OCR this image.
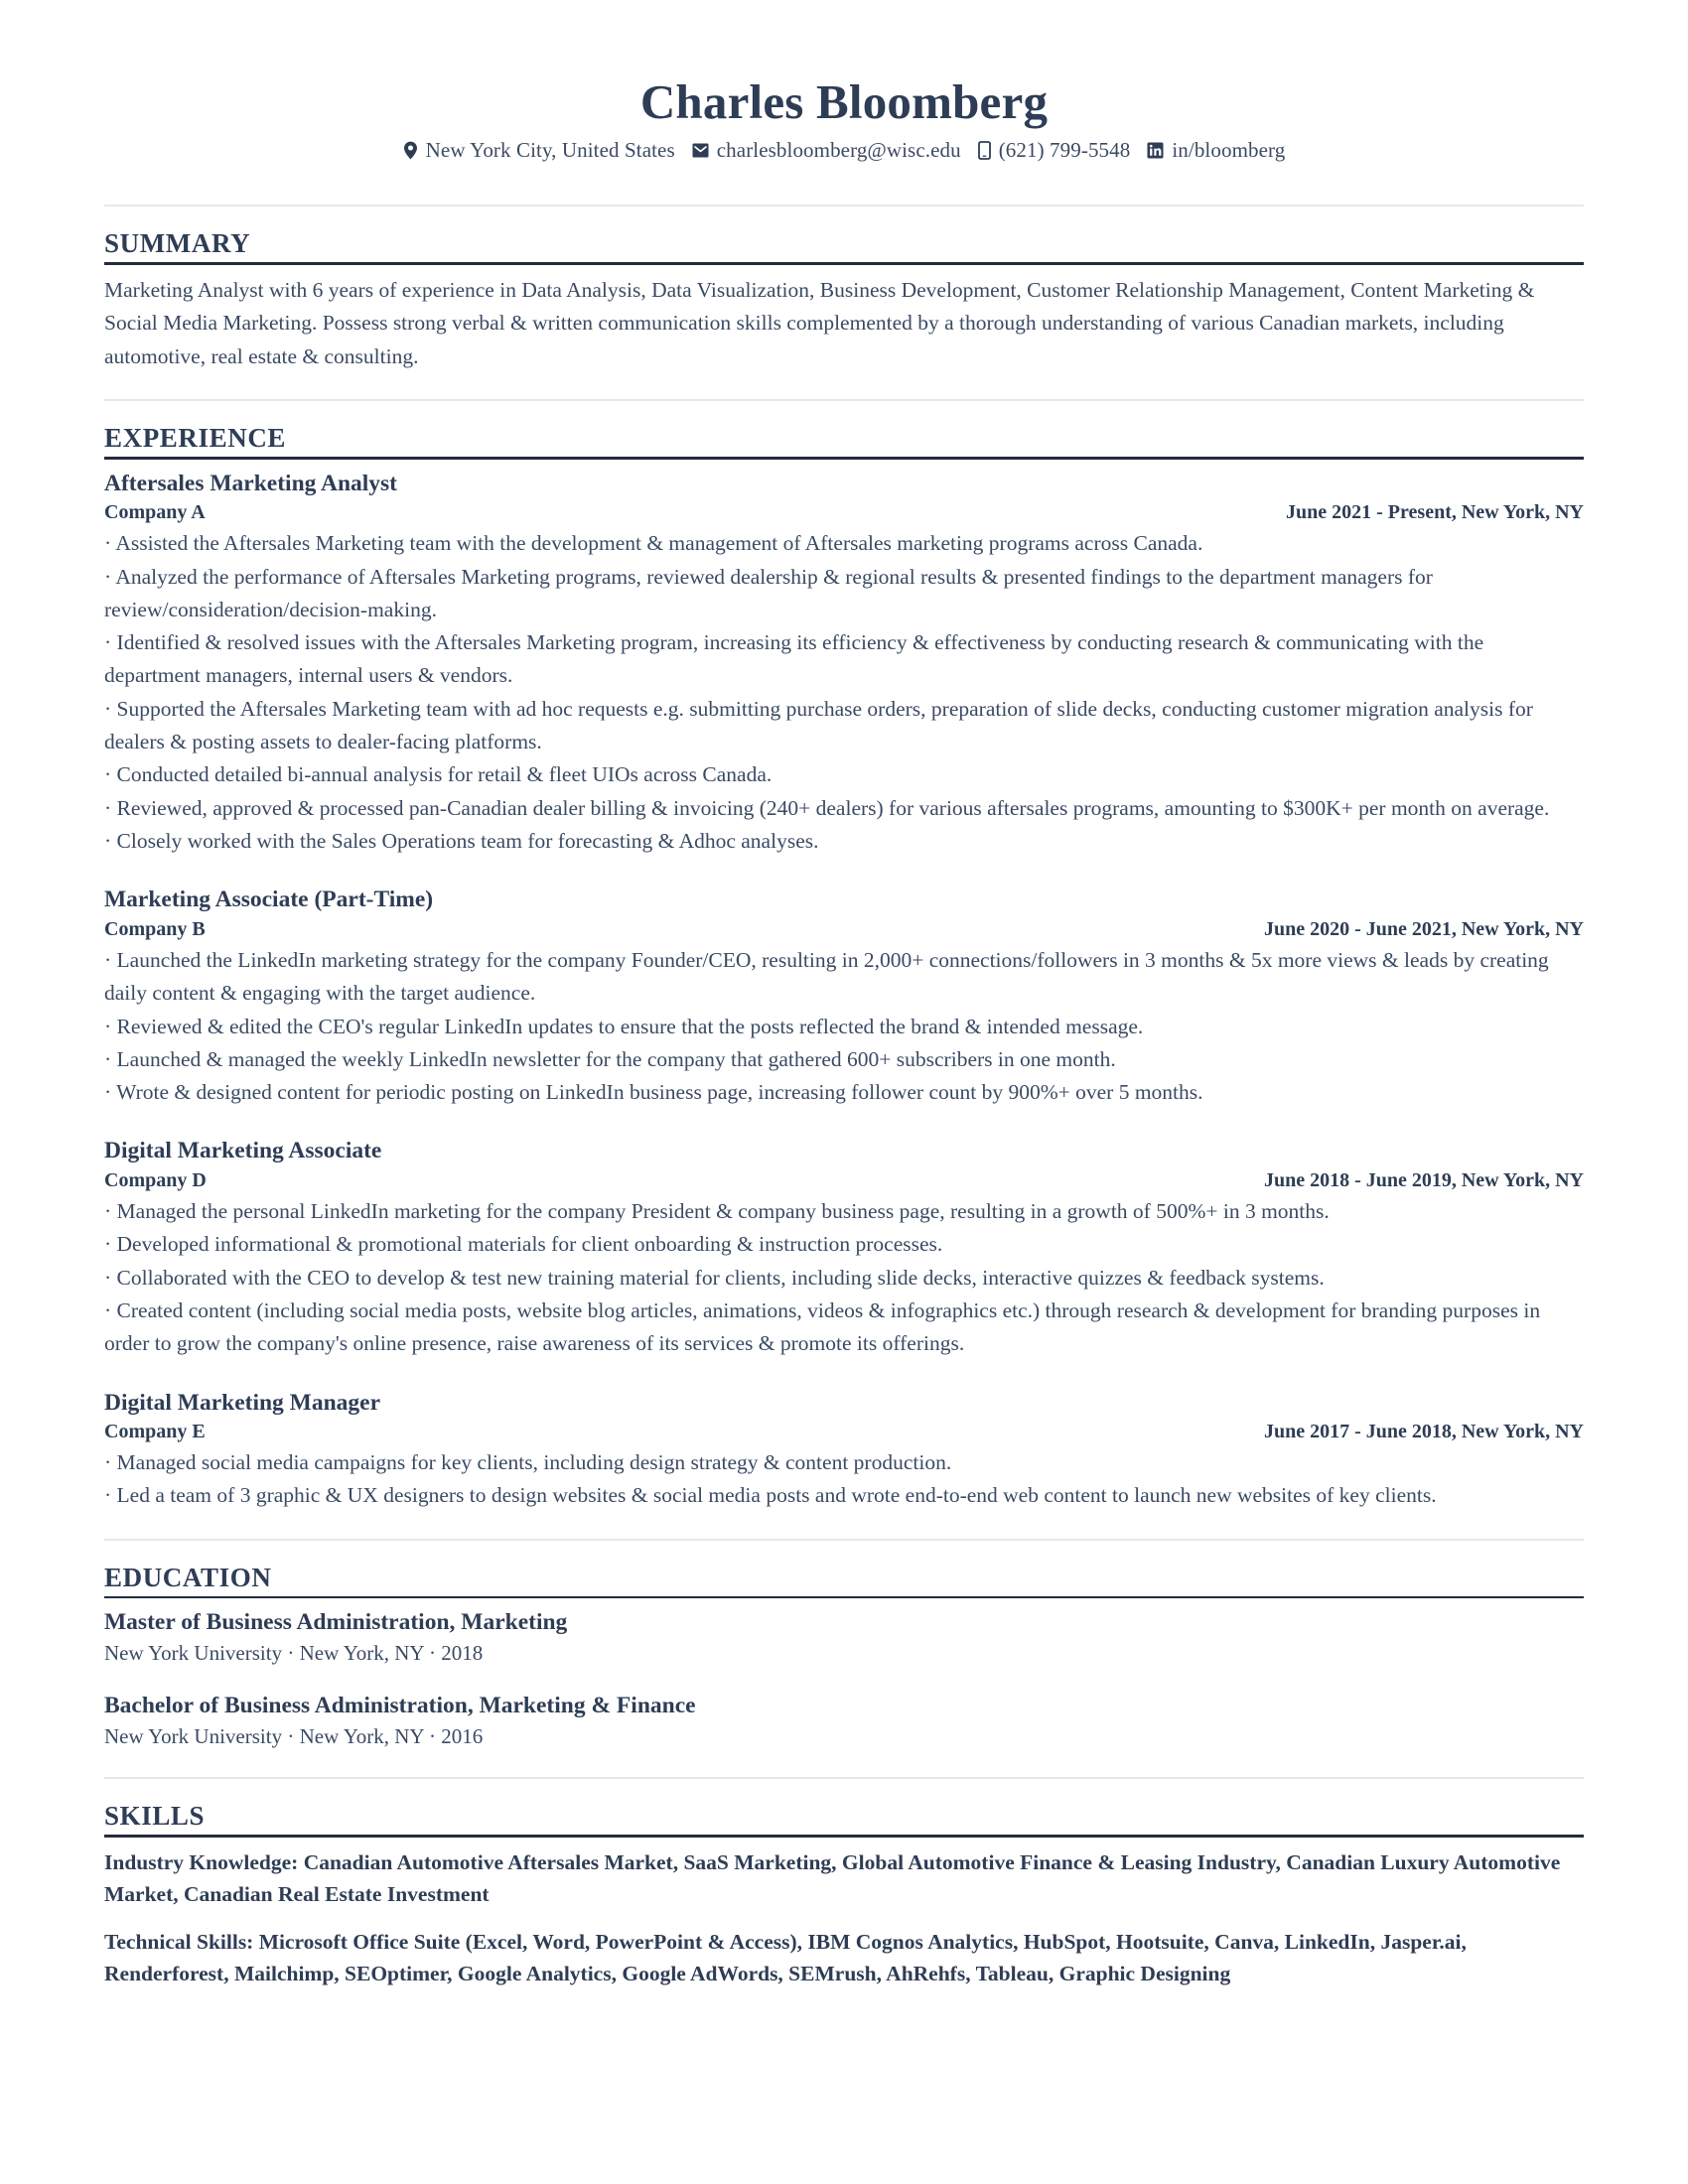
Charles Bloomberg
New York City, United States charlesbloomberg@wisc.edu (621) 799-5548 in/bloomberg
SUMMARY
Marketing Analyst with 6 years of experience in Data Analysis, Data Visualization, Business Development, Customer Relationship Management, Content Marketing & Social Media Marketing. Possess strong verbal & written communication skills complemented by a thorough understanding of various Canadian markets, including automotive, real estate & consulting.
EXPERIENCE
Aftersales Marketing Analyst
Company A	June 2021 - Present, New York, NY
· Assisted the Aftersales Marketing team with the development & management of Aftersales marketing programs across Canada.
· Analyzed the performance of Aftersales Marketing programs, reviewed dealership & regional results & presented findings to the department managers for review/consideration/decision-making.
· Identified & resolved issues with the Aftersales Marketing program, increasing its efficiency & effectiveness by conducting research & communicating with the department managers, internal users & vendors.
· Supported the Aftersales Marketing team with ad hoc requests e.g. submitting purchase orders, preparation of slide decks, conducting customer migration analysis for dealers & posting assets to dealer-facing platforms.
· Conducted detailed bi-annual analysis for retail & fleet UIOs across Canada.
· Reviewed, approved & processed pan-Canadian dealer billing & invoicing (240+ dealers) for various aftersales programs, amounting to $300K+ per month on average.
· Closely worked with the Sales Operations team for forecasting & Adhoc analyses.
Marketing Associate (Part-Time)
Company B	June 2020 - June 2021, New York, NY
· Launched the LinkedIn marketing strategy for the company Founder/CEO, resulting in 2,000+ connections/followers in 3 months & 5x more views & leads by creating daily content & engaging with the target audience.
· Reviewed & edited the CEO's regular LinkedIn updates to ensure that the posts reflected the brand & intended message.
· Launched & managed the weekly LinkedIn newsletter for the company that gathered 600+ subscribers in one month.
· Wrote & designed content for periodic posting on LinkedIn business page, increasing follower count by 900%+ over 5 months.
Digital Marketing Associate
Company D	June 2018 - June 2019, New York, NY
· Managed the personal LinkedIn marketing for the company President & company business page, resulting in a growth of 500%+ in 3 months.
· Developed informational & promotional materials for client onboarding & instruction processes.
· Collaborated with the CEO to develop & test new training material for clients, including slide decks, interactive quizzes & feedback systems.
· Created content (including social media posts, website blog articles, animations, videos & infographics etc.) through research & development for branding purposes in order to grow the company's online presence, raise awareness of its services & promote its offerings.
Digital Marketing Manager
Company E	June 2017 - June 2018, New York, NY
· Managed social media campaigns for key clients, including design strategy & content production.
· Led a team of 3 graphic & UX designers to design websites & social media posts and wrote end-to-end web content to launch new websites of key clients.
EDUCATION
Master of Business Administration, Marketing
New York University · New York, NY · 2018
Bachelor of Business Administration, Marketing & Finance
New York University · New York, NY · 2016
SKILLS
Industry Knowledge: Canadian Automotive Aftersales Market, SaaS Marketing, Global Automotive Finance & Leasing Industry, Canadian Luxury Automotive Market, Canadian Real Estate Investment
Technical Skills: Microsoft Office Suite (Excel, Word, PowerPoint & Access), IBM Cognos Analytics, HubSpot, Hootsuite, Canva, LinkedIn, Jasper.ai, Renderforest, Mailchimp, SEOptimer, Google Analytics, Google AdWords, SEMrush, AhRehfs, Tableau, Graphic Designing
